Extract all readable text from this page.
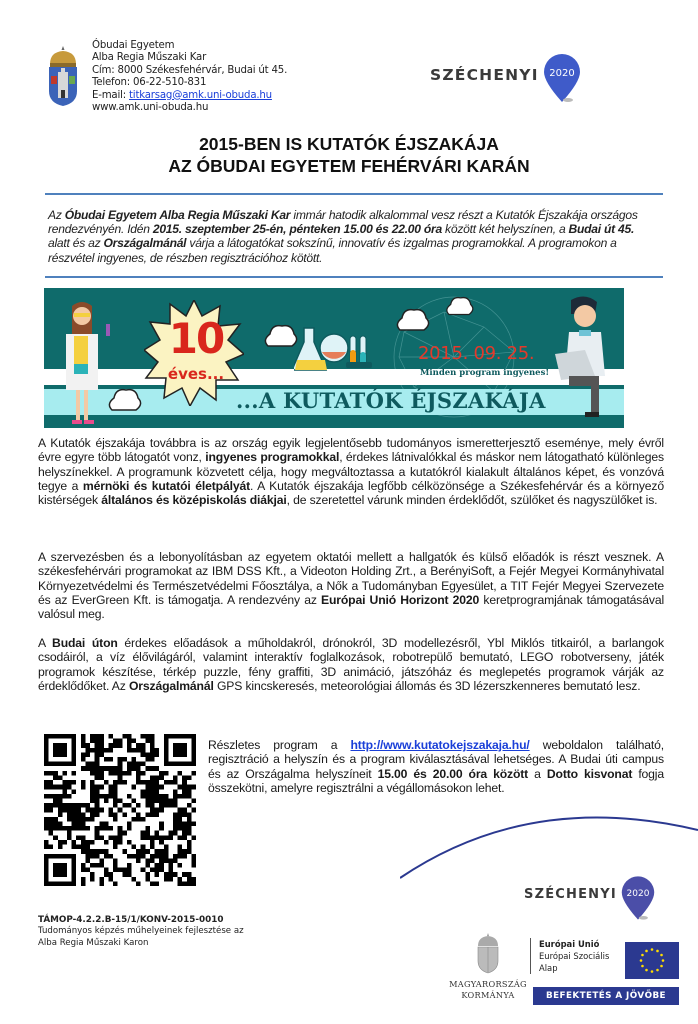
Óbudai Egyetem
Alba Regia Műszaki Kar
Cím: 8000 Székesfehérvár, Budai út 45.
Telefon: 06-22-510-831
E-mail: titkarsag@amk.uni-obuda.hu
www.amk.uni-obuda.hu
SZÉCHENYI 2020
2015-BEN IS KUTATÓK ÉJSZAKÁJA
AZ ÓBUDAI EGYETEM FEHÉRVÁRI KARÁN
Az Óbudai Egyetem Alba Regia Műszaki Kar immár hatodik alkalommal vesz részt a Kutatók Éjszakája országos rendezvényén. Idén 2015. szeptember 25-én, pénteken 15.00 és 22.00 óra között két helyszínen, a Budai út 45. alatt és az Országalmánál várja a látogatókat sokszínű, innovatív és izgalmas programokkal. A programokon a részvétel ingyenes, de részben regisztrációhoz kötött.
10
éves...
2015. 09. 25.
Minden program ingyenes!
...A KUTATÓK ÉJSZAKÁJA
A Kutatók éjszakája továbbra is az ország egyik legjelentősebb tudományos ismeretterjesztő eseménye, mely évről évre egyre több látogatót vonz, ingyenes programokkal, érdekes látnivalókkal és máskor nem látogatható különleges helyszínekkel. A programunk közvetett célja, hogy megváltoztassa a kutatókról kialakult általános képet, és vonzóvá tegye a mérnöki és kutatói életpályát. A Kutatók éjszakája legfőbb célközönsége a Székesfehérvár és a környező kistérségek általános és középiskolás diákjai, de szeretettel várunk minden érdeklődőt, szülőket és nagyszülőket is.
A szervezésben és a lebonyolításban az egyetem oktatói mellett a hallgatók és külső előadók is részt vesznek. A székesfehérvári programokat az IBM DSS Kft., a Videoton Holding Zrt., a BerényiSoft, a Fejér Megyei Kormányhivatal Környezetvédelmi és Természetvédelmi Főosztálya, a Nők a Tudományban Egyesület, a TIT Fejér Megyei Szervezete és az EverGreen Kft. is támogatja. A rendezvény az Európai Unió Horizont 2020 keretprogramjának támogatásával valósul meg.
A Budai úton érdekes előadások a műholdakról, drónokról, 3D modellezésről, Ybl Miklós titkairól, a barlangok csodáiról, a víz élővilágáról, valamint interaktív foglalkozások, robotrepülő bemutató, LEGO robotverseny, játék programok készítése, térkép puzzle, fény graffiti, 3D animáció, játszóház és meglepetés programok várják az érdeklődőket. Az Országalmánál GPS kincskeresés, meteorológiai állomás és 3D lézerszkenneres bemutató lesz.
Részletes program a http://www.kutatokejszakaja.hu/ weboldalon található, regisztráció a helyszín és a program kiválasztásával lehetséges. A Budai úti campus és az Országalma helyszíneit 15.00 és 20.00 óra között a Dotto kisvonat fogja összekötni, amelyre regisztrálni a végállomásokon lehet.
SZÉCHENYI 2020
TÁMOP-4.2.2.B-15/1/KONV-2015-0010
Tudományos képzés műhelyeinek fejlesztése az
Alba Regia Műszaki Karon
MAGYARORSZÁG
KORMÁNYA
Európai Unió
Európai Szociális
Alap
BEFEKTETÉS A JÖVŐBE
